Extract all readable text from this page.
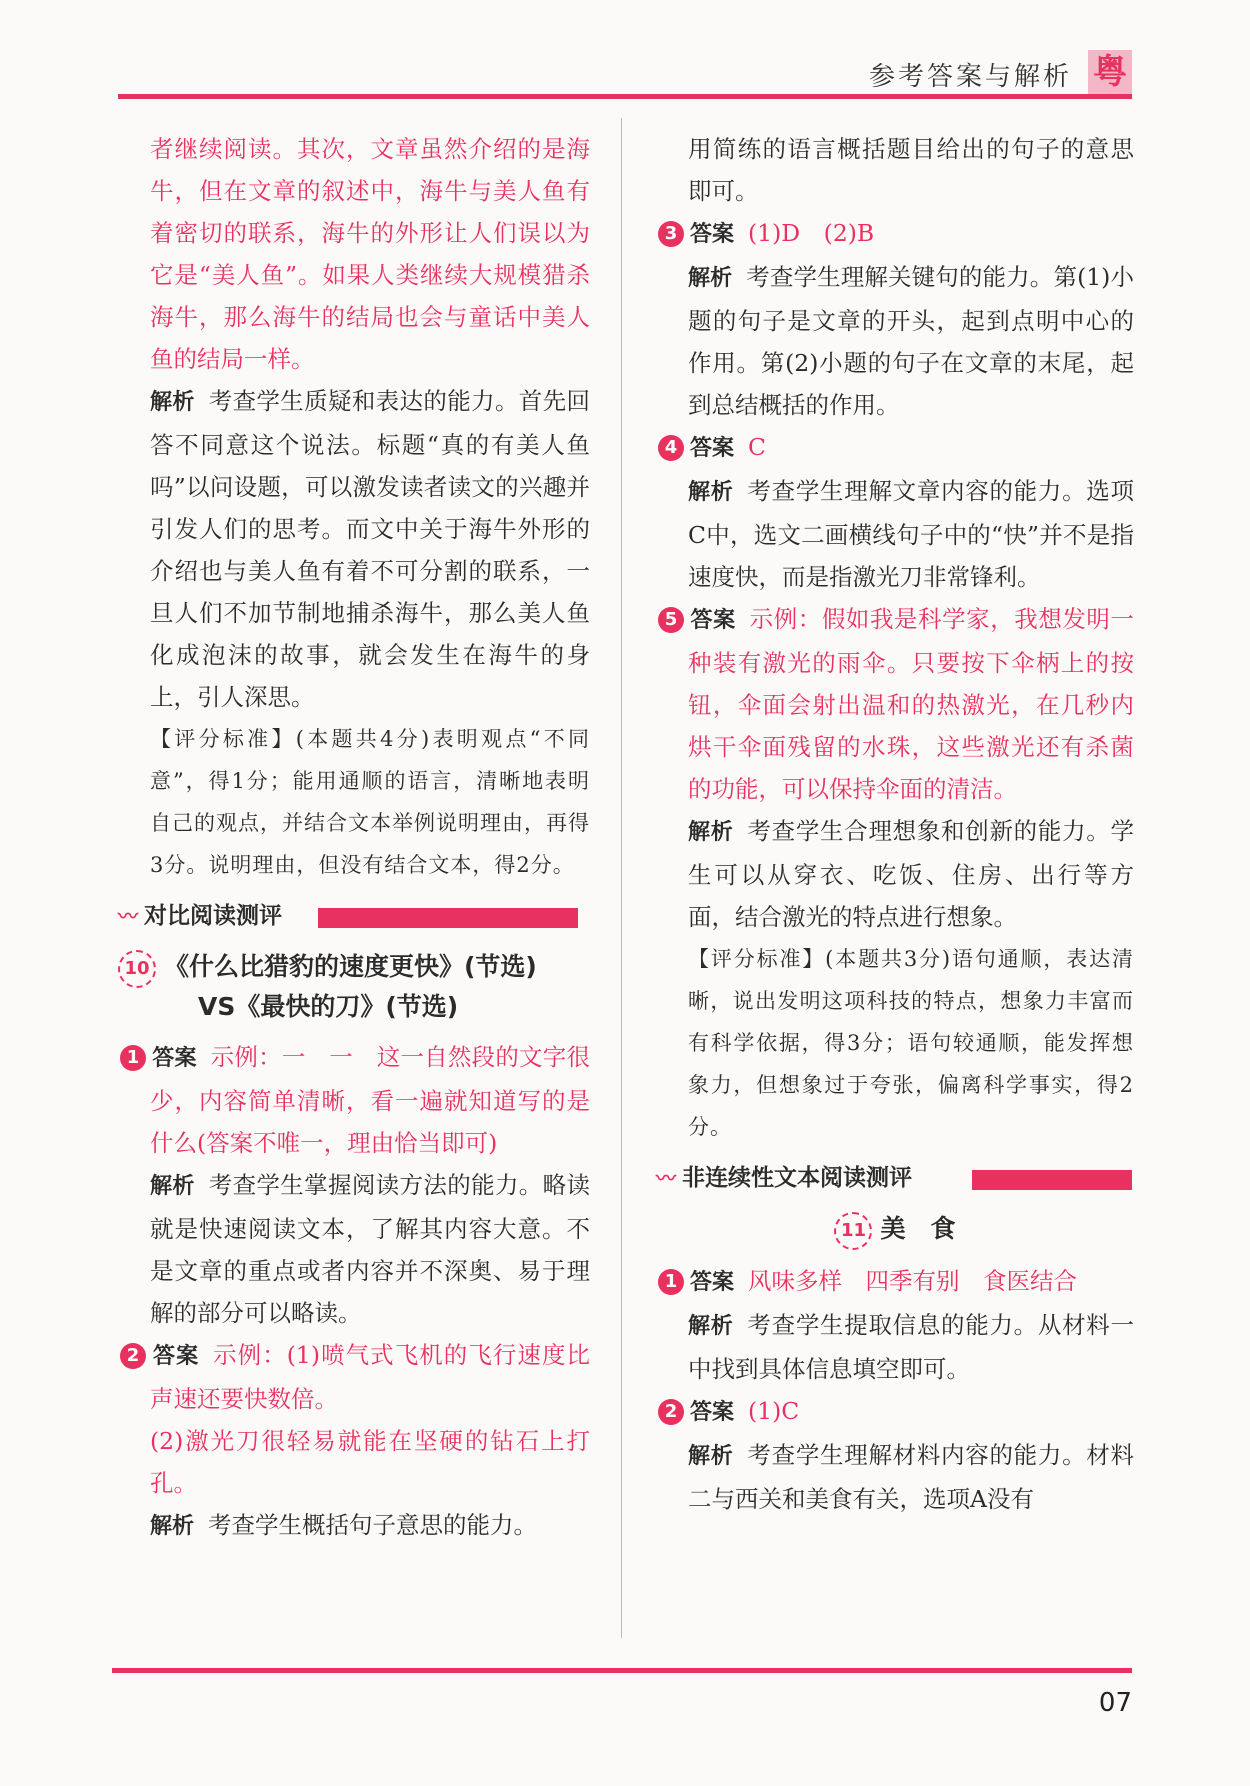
参考答案与解析 粤

者继续阅读。其次，文章虽然介绍的是海牛，但在文章的叙述中，海牛与美人鱼有着密切的联系，海牛的外形让人们误以为它是“美人鱼”。如果人类继续大规模猎杀海牛，那么海牛的结局也会与童话中美人鱼的结局一样。

解析 考查学生质疑和表达的能力。首先回答不同意这个说法。标题“真的有美人鱼吗”以问设题，可以激发读者读文的兴趣并引发人们的思考。而文中关于海牛外形的介绍也与美人鱼有着不可分割的联系，一旦人们不加节制地捕杀海牛，那么美人鱼化成泡沫的故事，就会发生在海牛的身上，引人深思。

【评分标准】(本题共4分)表明观点“不同意”，得1分；能用通顺的语言，清晰地表明自己的观点，并结合文本举例说明理由，再得3分。说明理由，但没有结合文本，得2分。

〰 对比阅读测评
10 《什么比猎豹的速度更快》(节选)
VS《最快的刀》(节选)

1 答案 示例：一　一　这一自然段的文字很少，内容简单清晰，看一遍就知道写的是什么(答案不唯一，理由恰当即可)

解析 考查学生掌握阅读方法的能力。略读就是快速阅读文本，了解其内容大意。不是文章的重点或者内容并不深奥、易于理解的部分可以略读。

2 答案 示例：(1)喷气式飞机的飞行速度比声速还要快数倍。

(2)激光刀很轻易就能在坚硬的钻石上打孔。

解析 考查学生概括句子意思的能力。

用简练的语言概括题目给出的句子的意思即可。

3 答案 (1)D　(2)B

解析 考查学生理解关键句的能力。第(1)小题的句子是文章的开头，起到点明中心的作用。第(2)小题的句子在文章的末尾，起到总结概括的作用。

4 答案 C

解析 考查学生理解文章内容的能力。选项C中，选文二画横线句子中的“快”并不是指速度快，而是指激光刀非常锋利。

5 答案 示例：假如我是科学家，我想发明一种装有激光的雨伞。只要按下伞柄上的按钮，伞面会射出温和的热激光，在几秒内烘干伞面残留的水珠，这些激光还有杀菌的功能，可以保持伞面的清洁。

解析 考查学生合理想象和创新的能力。学生可以从穿衣、吃饭、住房、出行等方面，结合激光的特点进行想象。

【评分标准】(本题共3分)语句通顺，表达清晰，说出发明这项科技的特点，想象力丰富而有科学依据，得3分；语句较通顺，能发挥想象力，但想象过于夸张，偏离科学事实，得2分。

〰 非连续性文本阅读测评
11 美　食

1 答案 风味多样　四季有别　食医结合

解析 考查学生提取信息的能力。从材料一中找到具体信息填空即可。

2 答案 (1)C

解析 考查学生理解材料内容的能力。材料二与西关和美食有关，选项A没有

07
